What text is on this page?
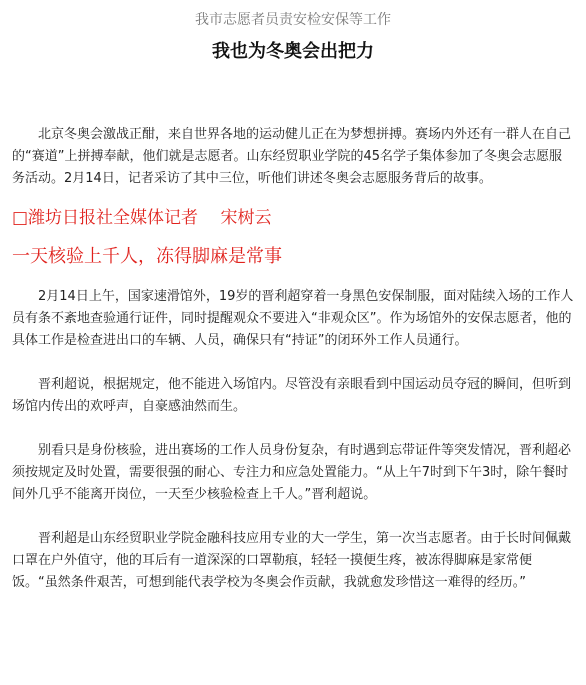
我市志愿者员责安检安保等工作
我也为冬奥会出把力

北京冬奥会激战正酣，来自世界各地的运动健儿正在为梦想拼搏。赛场内外还有一群人在自己的“赛道”上拼搏奉献，他们就是志愿者。山东经贸职业学院的45名学子集体参加了冬奥会志愿服务活动。2月14日，记者采访了其中三位，听他们讲述冬奥会志愿服务背后的故事。

□潍坊日报社全媒体记者　 宋树云
一天核验上千人，冻得脚麻是常事

2月14日上午，国家速滑馆外，19岁的晋利超穿着一身黑色安保制服，面对陆续入场的工作人员有条不紊地查验通行证件，同时提醒观众不要进入“非观众区”。作为场馆外的安保志愿者，他的具体工作是检查进出口的车辆、人员，确保只有“持证”的闭环外工作人员通行。

晋利超说，根据规定，他不能进入场馆内。尽管没有亲眼看到中国运动员夺冠的瞬间，但听到场馆内传出的欢呼声，自豪感油然而生。

别看只是身份核验，进出赛场的工作人员身份复杂，有时遇到忘带证件等突发情况，晋利超必须按规定及时处置，需要很强的耐心、专注力和应急处置能力。“从上午7时到下午3时，除午餐时间外几乎不能离开岗位，一天至少核验检查上千人。”晋利超说。

晋利超是山东经贸职业学院金融科技应用专业的大一学生，第一次当志愿者。由于长时间佩戴口罩在户外值守，他的耳后有一道深深的口罩勒痕，轻轻一摸便生疼，被冻得脚麻是家常便饭。“虽然条件艰苦，可想到能代表学校为冬奥会作贡献，我就愈发珍惜这一难得的经历。”
